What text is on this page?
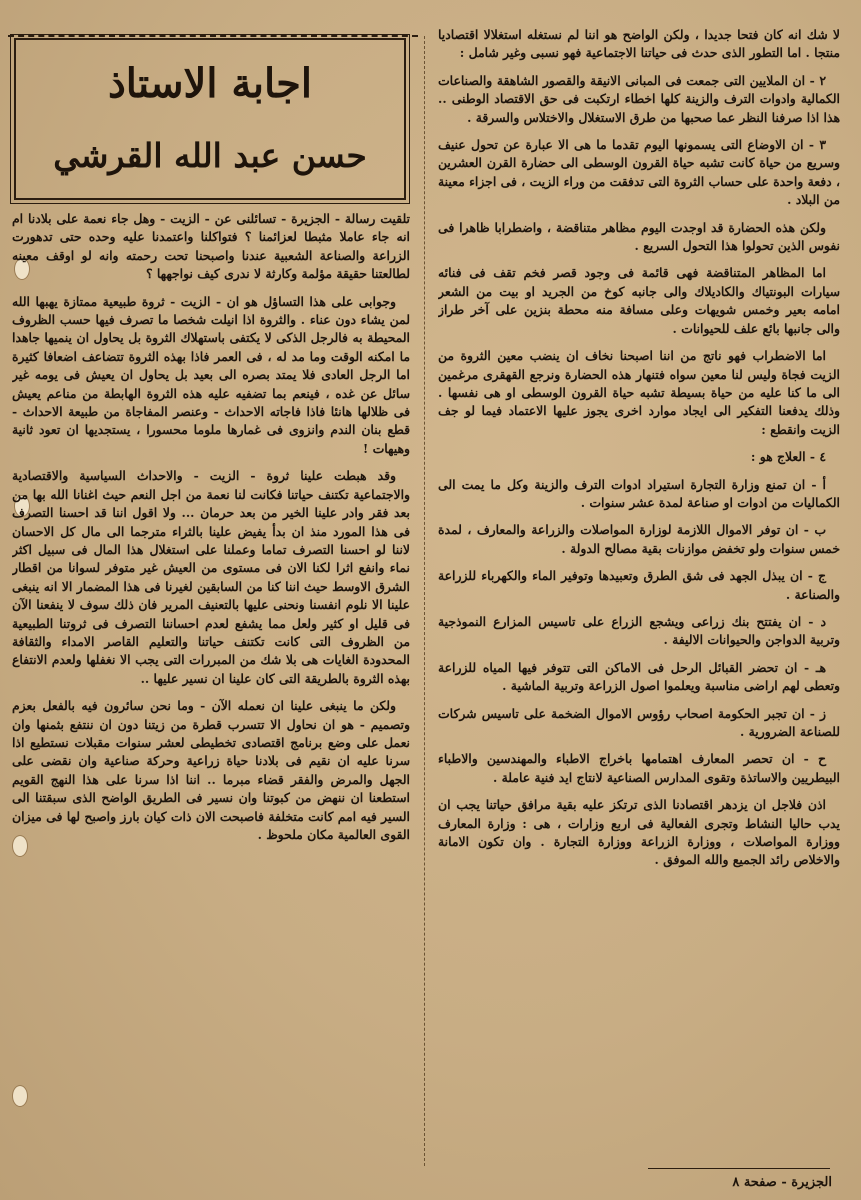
اجابة الاستاذ
حسن عبد الله القرشي

لا شك انه كان فتحا جديدا ، ولكن الواضح هو اننا لم نستغله استغلالا اقتصاديا منتجا . اما التطور الذى حدث فى حياتنا الاجتماعية فهو نسبى وغير شامل :

٢ - ان الملايين التى جمعت فى المبانى الانيقة والقصور الشاهقة والصناعات الكمالية وادوات الترف والزينة كلها اخطاء ارتكبت فى حق الاقتصاد الوطنى .. هذا اذا صرفنا النظر عما صحبها من طرق الاستغلال والاختلاس والسرقة .

٣ - ان الاوضاع التى يسمونها اليوم تقدما ما هى الا عبارة عن تحول عنيف وسريع من حياة كانت تشبه حياة القرون الوسطى الى حضارة القرن العشرين ، دفعة واحدة على حساب الثروة التى تدفقت من وراء الزيت ، فى اجزاء معينة من البلاد .

ولكن هذه الحضارة قد اوجدت اليوم مظاهر متناقضة ، واضطرابا ظاهرا فى نفوس الذين تحولوا هذا التحول السريع .

اما المظاهر المتناقضة فهى قائمة فى وجود قصر فخم تقف فى فنائه سيارات البونتياك والكاديلاك والى جانبه كوخ من الجريد او بيت من الشعر امامه بعير وخمس شويهات وعلى مسافة منه محطة بنزين على آخر طراز والى جانبها بائع علف للحيوانات .

اما الاضطراب فهو ناتج من اننا اصبحنا نخاف ان ينضب معين الثروة من الزيت فجاة وليس لنا معين سواه فتنهار هذه الحضارة ونرجع القهقرى مرغمين الى ما كنا عليه من حياة بسيطة تشبه حياة القرون الوسطى او هى نفسها . وذلك يدفعنا التفكير الى ايجاد موارد اخرى يجوز عليها الاعتماد فيما لو جف الزيت وانقطع :

٤ - العلاج هو :

أ - ان تمنع وزارة التجارة استيراد ادوات الترف والزينة وكل ما يمت الى الكماليات من ادوات او صناعة لمدة عشر سنوات .

ب - ان توفر الاموال اللازمة لوزارة المواصلات والزراعة والمعارف ، لمدة خمس سنوات ولو تخفض موازنات بقية مصالح الدولة .

ج - ان يبذل الجهد فى شق الطرق وتعبيدها وتوفير الماء والكهرباء للزراعة والصناعة .

د - ان يفتتح بنك زراعى ويشجع الزراع على تاسيس المزارع النموذجية وتربية الدواجن والحيوانات الاليفة .

هـ - ان تحضر القبائل الرحل فى الاماكن التى تتوفر فيها المياه للزراعة وتعطى لهم اراضى مناسبة ويعلموا اصول الزراعة وتربية الماشية .

ز - ان تجبر الحكومة اصحاب رؤوس الاموال الضخمة على تاسيس شركات للصناعة الضرورية .

ح - ان تحصر المعارف اهتمامها باخراج الاطباء والمهندسين والاطباء البيطريين والاساتذة وتقوى المدارس الصناعية لانتاج ايد فنية عاملة .

اذن فلاجل ان يزدهر اقتصادنا الذى ترتكز عليه بقية مرافق حياتنا يجب ان يدب حاليا النشاط وتجرى الفعالية فى اربع وزارات ، هى : وزارة المعارف ووزارة المواصلات ، ووزارة الزراعة ووزارة التجارة . وان تكون الامانة والاخلاص رائد الجميع والله الموفق .

تلقيت رسالة - الجزيرة - تسائلنى عن - الزيت - وهل جاء نعمة على بلادنا ام انه جاء عاملا مثبطا لعزائمنا ؟ فتواكلنا واعتمدنا عليه وحده حتى تدهورت الزراعة والصناعة الشعبية عندنا واصبحنا تحت رحمته وانه لو اوقف معينه لطالعتنا حقيقة مؤلمة وكارثة لا ندرى كيف نواجهها ؟

وجوابى على هذا التساؤل هو ان - الزيت - ثروة طبيعية ممتازة يهبها الله لمن يشاء دون عناء . والثروة اذا انيلت شخصا ما تصرف فيها حسب الظروف المحيطة به فالرجل الذكى لا يكتفى باستهلاك الثروة بل يحاول ان ينميها جاهدا ما امكنه الوقت وما مد له ، فى العمر فاذا بهذه الثروة تتضاعف اضعافا كثيرة اما الرجل العادى فلا يمتد بصره الى بعيد بل يحاول ان يعيش فى يومه غير سائل عن غده ، فينعم بما تضفيه عليه هذه الثروة الهابطة من مناعم يعيش فى ظلالها هانئا فاذا فاجاته الاحداث - وعنصر المفاجاة من طبيعة الاحداث - قطع بنان الندم وانزوى فى غمارها ملوما محسورا ، يستجديها ان تعود ثانية وهيهات !

وقد هبطت علينا ثروة - الزيت - والاحداث السياسية والاقتصادية والاجتماعية تكتنف حياتنا فكانت لنا نعمة من اجل النعم حيث اغنانا الله بها من بعد فقر وادر علينا الخير من بعد حرمان ... ولا اقول اننا قد احسنا التصرف فى هذا المورد منذ ان بدأ يفيض علينا بالثراء مترجما الى مال كل الاحسان لاننا لو احسنا التصرف تماما وعملنا على استغلال هذا المال فى سبيل اكثر نماء وانفع اثرا لكنا الان فى مستوى من العيش غير متوفر لسوانا من اقطار الشرق الاوسط حيث اننا كنا من السابقين لغيرنا فى هذا المضمار الا انه ينبغى علينا الا نلوم انفسنا ونحنى عليها بالتعنيف المرير فان ذلك سوف لا ينفعنا الآن فى قليل او كثير ولعل مما يشفع لعدم احساننا التصرف فى ثروتنا الطبيعية من الظروف التى كانت تكتنف حياتنا والتعليم القاصر الامداء والثقافة المحدودة الغايات هى بلا شك من المبررات التى يجب الا نغفلها ولعدم الانتفاع بهذه الثروة بالطريقة التى كان علينا ان نسير عليها ..

ولكن ما ينبغى علينا ان نعمله الآن - وما نحن سائرون فيه بالفعل بعزم وتصميم - هو ان نحاول الا تتسرب قطرة من زيتنا دون ان ننتفع بثمنها وان نعمل على وضع برنامج اقتصادى تخطيطى لعشر سنوات مقبلات نستطيع اذا سرنا عليه ان نقيم فى بلادنا حياة زراعية وحركة صناعية وان نقضى على الجهل والمرض والفقر قضاء مبرما .. اننا اذا سرنا على هذا النهج القويم استطعنا ان ننهض من كبوتنا وان نسير فى الطريق الواضح الذى سبقتنا الى السير فيه امم كانت متخلفة فاصبحت الان ذات كيان بارز واصبح لها فى ميزان القوى العالمية مكان ملحوظ .

الجزيرة - صفحة ٨
